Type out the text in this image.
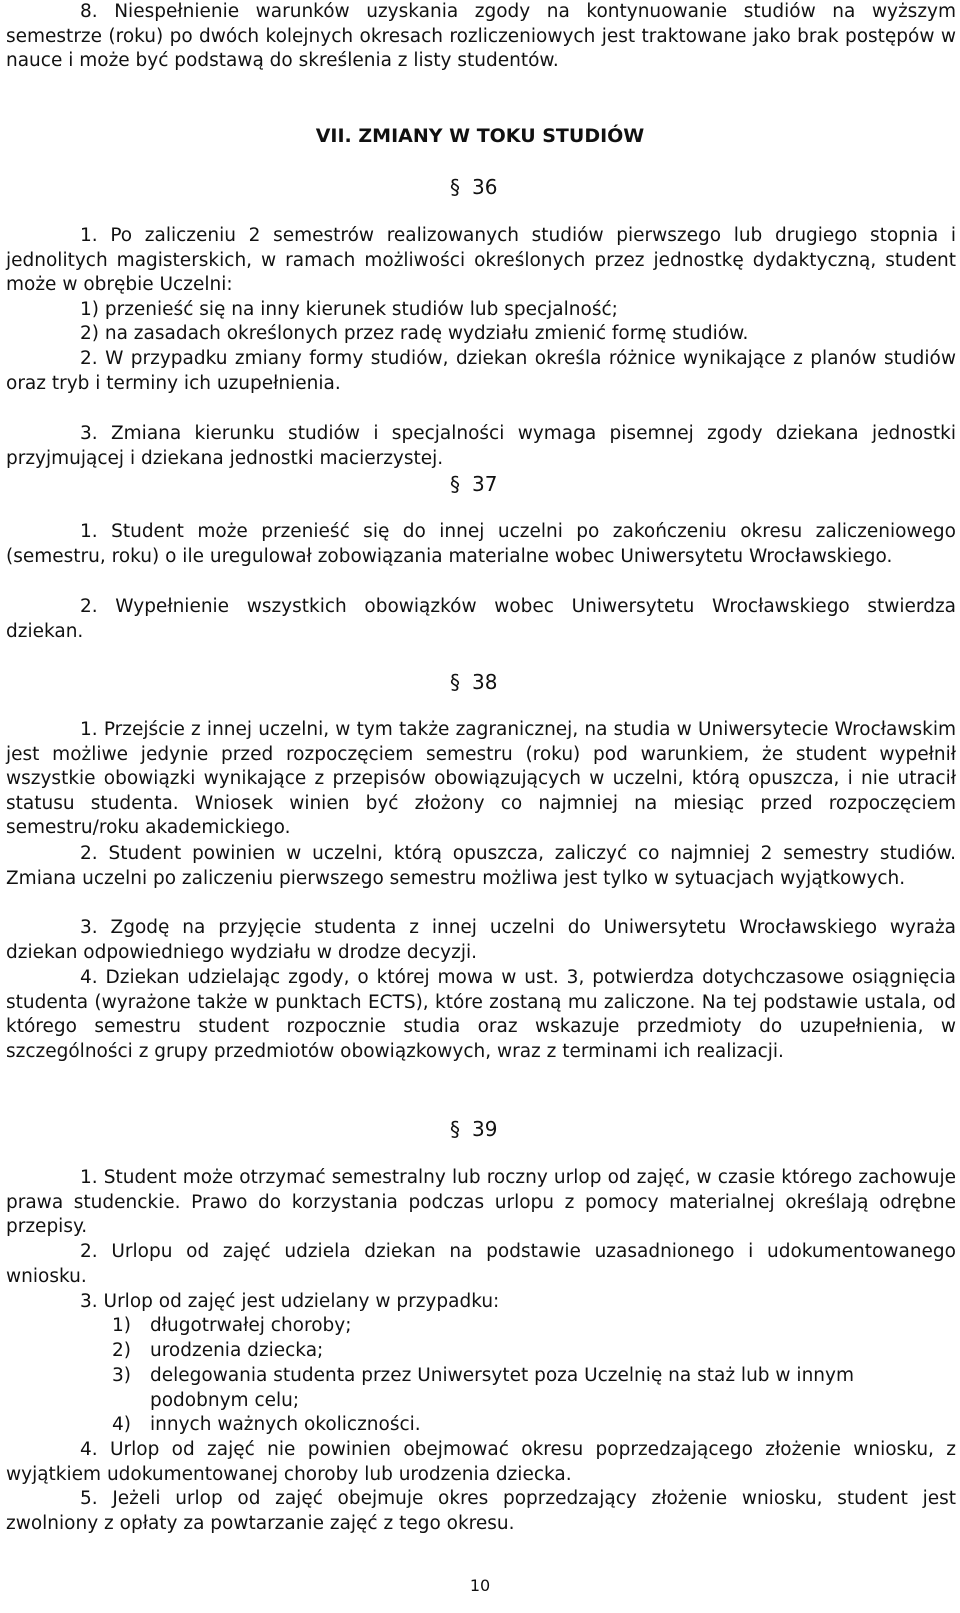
8. Niespełnienie warunków uzyskania zgody na kontynuowanie studiów na wyższym semestrze (roku) po dwóch kolejnych okresach rozliczeniowych jest traktowane jako brak postępów w nauce i może być podstawą do skreślenia z listy studentów.
VII. ZMIANY W TOKU STUDIÓW
§ 36
1. Po zaliczeniu 2 semestrów realizowanych studiów pierwszego lub drugiego stopnia i jednolitych magisterskich, w ramach możliwości określonych przez jednostkę dydaktyczną, student może w obrębie Uczelni:
1) przenieść się na inny kierunek studiów lub specjalność;
2) na zasadach określonych przez radę wydziału zmienić formę studiów.
2. W przypadku zmiany formy studiów, dziekan określa różnice wynikające z planów studiów oraz tryb i terminy ich uzupełnienia.
3. Zmiana kierunku studiów i specjalności wymaga pisemnej zgody dziekana jednostki przyjmującej i dziekana jednostki macierzystej.
§ 37
1. Student może przenieść się do innej uczelni po zakończeniu okresu zaliczeniowego (semestru, roku) o ile uregulował zobowiązania materialne wobec Uniwersytetu Wrocławskiego.
2. Wypełnienie wszystkich obowiązków wobec Uniwersytetu Wrocławskiego stwierdza dziekan.
§ 38
1. Przejście z innej uczelni, w tym także zagranicznej, na studia w Uniwersytecie Wrocławskim jest możliwe jedynie przed rozpoczęciem semestru (roku) pod warunkiem, że student wypełnił wszystkie obowiązki wynikające z przepisów obowiązujących w uczelni, którą opuszcza, i nie utracił statusu studenta. Wniosek winien być złożony co najmniej na miesiąc przed rozpoczęciem semestru/roku akademickiego.
2. Student powinien w uczelni, którą opuszcza, zaliczyć co najmniej 2 semestry studiów. Zmiana uczelni po zaliczeniu pierwszego semestru możliwa jest tylko w sytuacjach wyjątkowych.
3. Zgodę na przyjęcie studenta z innej uczelni do Uniwersytetu Wrocławskiego wyraża dziekan odpowiedniego wydziału w drodze decyzji.
4. Dziekan udzielając zgody, o której mowa w ust. 3, potwierdza dotychczasowe osiągnięcia studenta (wyrażone także w punktach ECTS), które zostaną mu zaliczone. Na tej podstawie ustala, od którego semestru student rozpocznie studia oraz wskazuje przedmioty do uzupełnienia, w szczególności z grupy przedmiotów obowiązkowych, wraz z terminami ich realizacji.
§ 39
1. Student może otrzymać semestralny lub roczny urlop od zajęć, w czasie którego zachowuje prawa studenckie. Prawo do korzystania podczas urlopu z pomocy materialnej określają odrębne przepisy.
2. Urlopu od zajęć udziela dziekan na podstawie uzasadnionego i udokumentowanego wniosku.
3. Urlop od zajęć jest udzielany w przypadku:
1) długotrwałej choroby;
2) urodzenia dziecka;
3) delegowania studenta przez Uniwersytet poza Uczelnię na staż lub w innym podobnym celu;
4) innych ważnych okoliczności.
4. Urlop od zajęć nie powinien obejmować okresu poprzedzającego złożenie wniosku, z wyjątkiem udokumentowanej choroby lub urodzenia dziecka.
5. Jeżeli urlop od zajęć obejmuje okres poprzedzający złożenie wniosku, student jest zwolniony z opłaty za powtarzanie zajęć z tego okresu.
10
